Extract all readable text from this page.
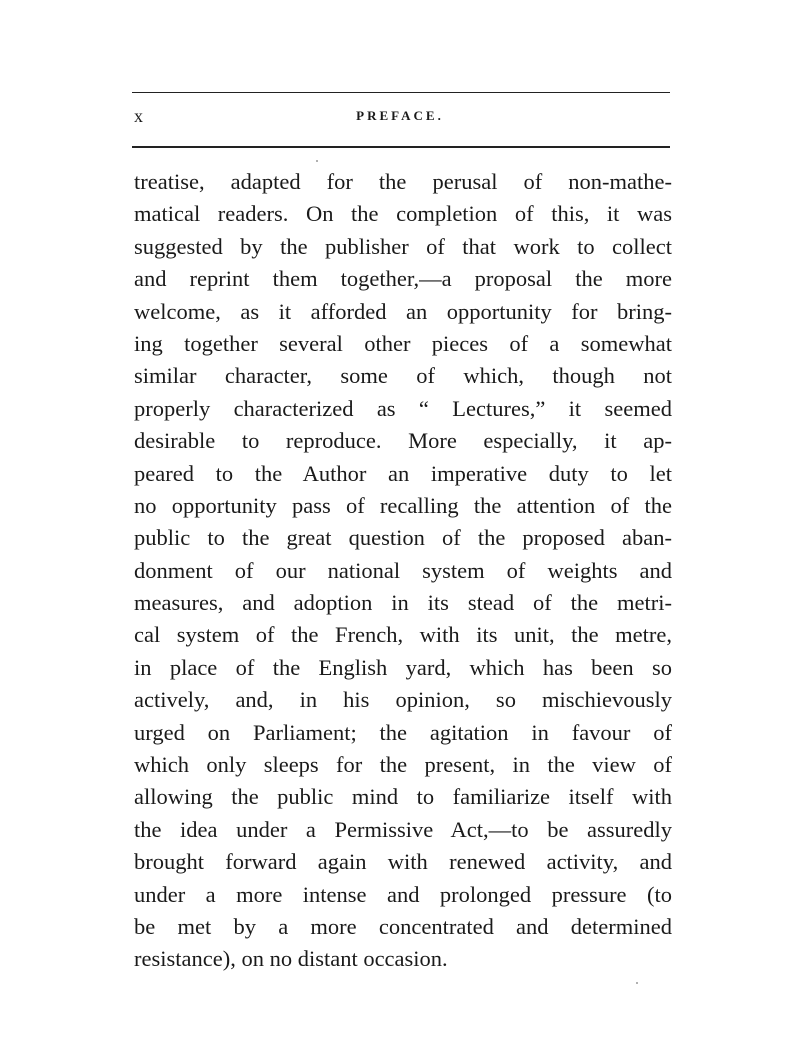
x	PREFACE.
treatise, adapted for the perusal of non-mathe-
matical readers. On the completion of this, it was
suggested by the publisher of that work to collect
and reprint them together,—a proposal the more
welcome, as it afforded an opportunity for bring-
ing together several other pieces of a somewhat
similar character, some of which, though not
properly characterized as “ Lectures,” it seemed
desirable to reproduce. More especially, it ap-
peared to the Author an imperative duty to let
no opportunity pass of recalling the attention of the
public to the great question of the proposed aban-
donment of our national system of weights and
measures, and adoption in its stead of the metri-
cal system of the French, with its unit, the metre,
in place of the English yard, which has been so
actively, and, in his opinion, so mischievously
urged on Parliament; the agitation in favour of
which only sleeps for the present, in the view of
allowing the public mind to familiarize itself with
the idea under a Permissive Act,—to be assuredly
brought forward again with renewed activity, and
under a more intense and prolonged pressure (to
be met by a more concentrated and determined
resistance), on no distant occasion.
